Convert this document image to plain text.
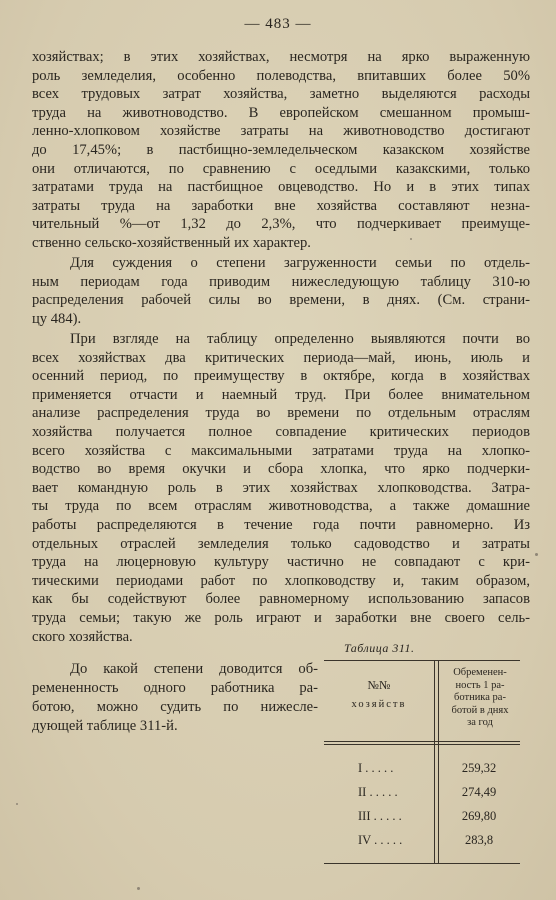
— 483 —
хозяйствах; в этих хозяйствах, несмотря на ярко выраженную
роль земледелия, особенно полеводства, впитавших более 50%
всех трудовых затрат хозяйства, заметно выделяются расходы
труда на животноводство. В европейском смешанном промыш-
ленно-хлопковом хозяйстве затраты на животноводство достигают
до 17,45%; в пастбищно-земледельческом казакском хозяйстве
они отличаются, по сравнению с оседлыми казакскими, только
затратами труда на пастбищное овцеводство. Но и в этих типах
затраты труда на заработки вне хозяйства составляют незна-
чительный %—от 1,32 до 2,3%, что подчеркивает преимуще-
ственно сельско-хозяйственный их характер.
Для суждения о степени загруженности семьи по отдель-
ным периодам года приводим нижеследующую таблицу 310-ю
распределения рабочей силы во времени, в днях. (См. страни-
цу 484).
При взгляде на таблицу определенно выявляются почти во
всех хозяйствах два критических периода—май, июнь, июль и
осенний период, по преимуществу в октябре, когда в хозяйствах
применяется отчасти и наемный труд. При более внимательном
анализе распределения труда во времени по отдельным отраслям
хозяйства получается полное совпадение критических периодов
всего хозяйства с максимальными затратами труда на хлопко-
водство во время окучки и сбора хлопка, что ярко подчерки-
вает командную роль в этих хозяйствах хлопководства. Затра-
ты труда по всем отраслям животноводства, а также домашние
работы распределяются в течение года почти равномерно. Из
отдельных отраслей земледелия только садоводство и затраты
труда на люцерновую культуру частично не совпадают с кри-
тическими периодами работ по хлопководству и, таким образом,
как бы содействуют более равномерному использованию запасов
труда семьи; такую же роль играют и заработки вне своего сель-
ского хозяйства.
До какой степени доводится об-
ремененность одного работника ра-
ботою, можно судить по нижесле-
дующей таблице 311-й.
Таблица 311.
№№
хозяйств
Обременен-
ность 1 ра-
ботника ра-
ботой в днях
за год
I . . . . .	259,32
II . . . . .	274,49
III . . . . .	269,80
IV . . . . .	283,8
